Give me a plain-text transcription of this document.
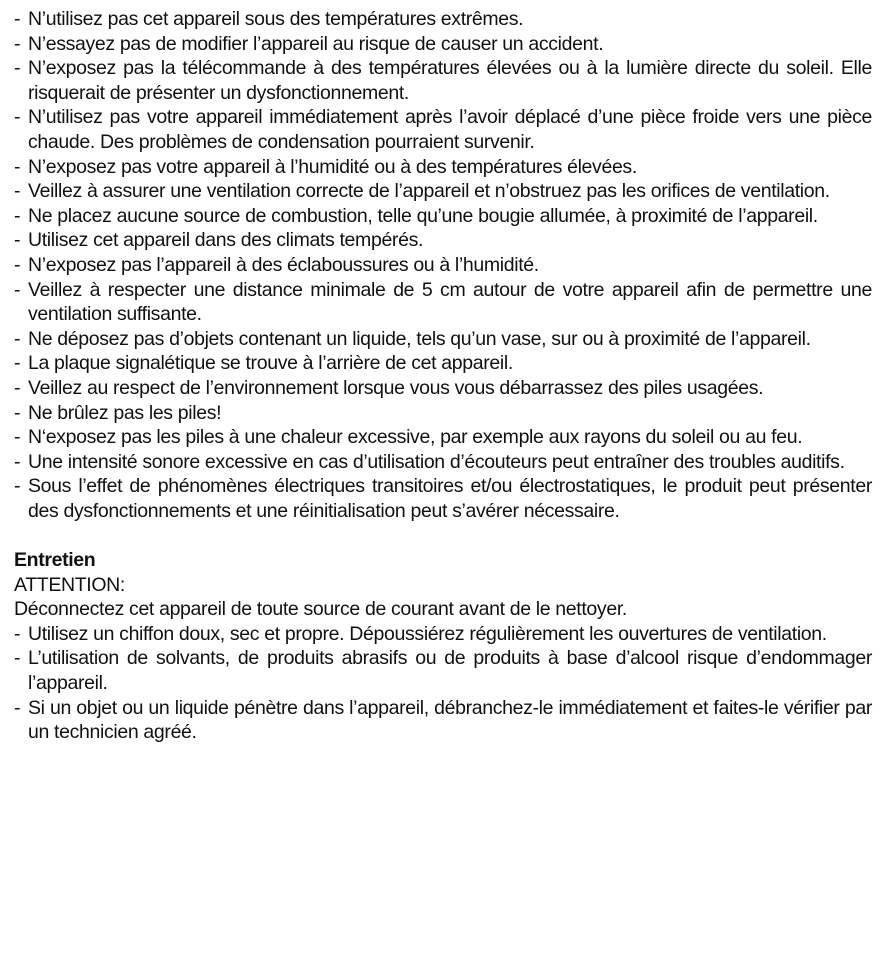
- N’utilisez pas cet appareil sous des températures extrêmes.
- N’essayez pas de modifier l’appareil au risque de causer un accident.
- N’exposez pas la télécommande à des températures élevées ou à la lumière directe du soleil. Elle risquerait de présenter un dysfonctionnement.
- N’utilisez pas votre appareil immédiatement après l’avoir déplacé d’une pièce froide vers une pièce chaude. Des problèmes de condensation pourraient survenir.
- N’exposez pas votre appareil à l’humidité ou à des températures élevées.
- Veillez à assurer une ventilation correcte de l’appareil et n’obstruez pas les orifices de ventilation.
- Ne placez aucune source de combustion, telle qu’une bougie allumée, à proximité de l’appareil.
- Utilisez cet appareil dans des climats tempérés.
- N’exposez pas l’appareil à des éclaboussures ou à l’humidité.
- Veillez à respecter une distance minimale de 5 cm autour de votre appareil afin de permettre une ventilation suffisante.
- Ne déposez pas d’objets contenant un liquide, tels qu’un vase, sur ou à proximité de l’appareil.
- La plaque signalétique se trouve à l’arrière de cet appareil.
- Veillez au respect de l’environnement lorsque vous vous débarrassez des piles usagées.
- Ne brûlez pas les piles!
- N‘exposez pas les piles à une chaleur excessive, par exemple aux rayons du soleil ou au feu.
- Une intensité sonore excessive en cas d’utilisation d’écouteurs peut entraîner des troubles auditifs.
- Sous l’effet de phénomènes électriques transitoires et/ou électrostatiques, le produit peut présenter des dysfonctionnements et une réinitialisation peut s’avérer nécessaire.
Entretien
ATTENTION:
Déconnectez cet appareil de toute source de courant avant de le nettoyer.
- Utilisez un chiffon doux, sec et propre. Dépoussiérez régulièrement les ouvertures de ventilation.
- L’utilisation de solvants, de produits abrasifs ou de produits à base d’alcool risque d’endommager l’appareil.
- Si un objet ou un liquide pénètre dans l’appareil, débranchez-le immédiatement et faites-le vérifier par un technicien agréé.
